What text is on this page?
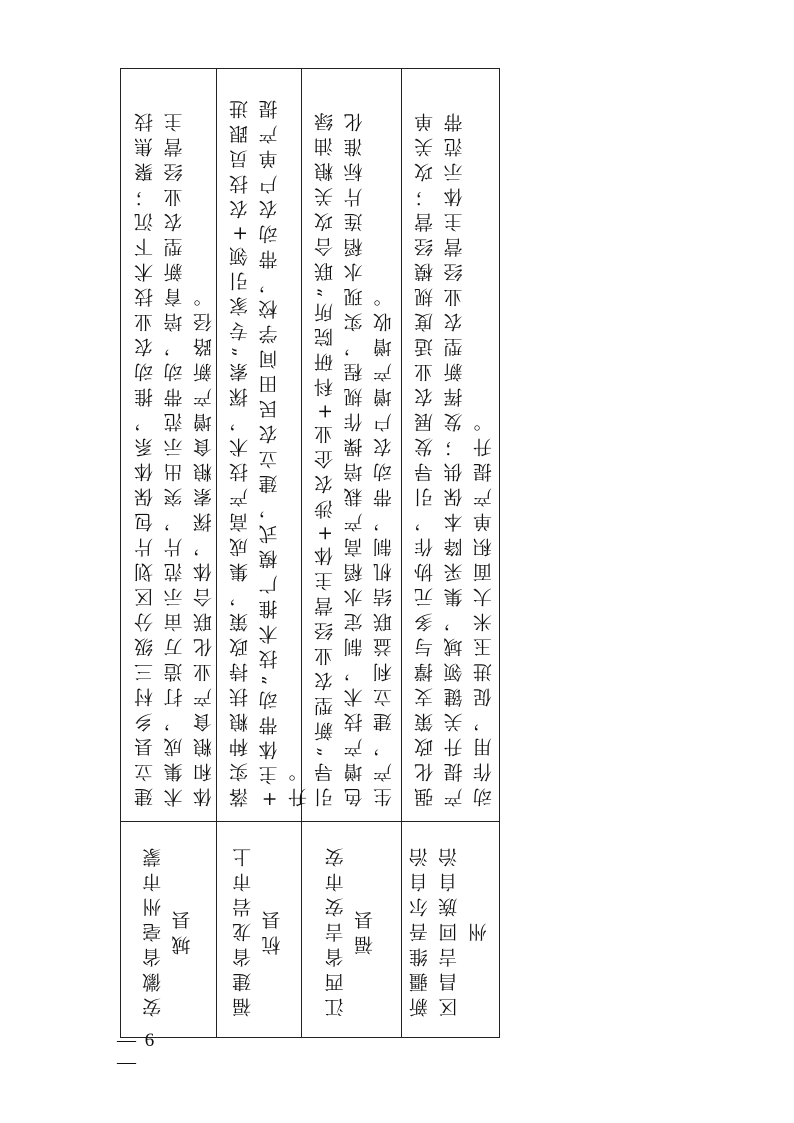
建立县乡村三级分区划片包保体系，推动农业技术下沉；聚焦技术集成，打造万亩示范片，突出示范带动，培育新型农业经营主体和粮食产业化联合体，探索粮食增产新路径。
安徽省亳州市蒙城县
落实种粮扶持政策，集成高产技术，探索“专家引领+农技员跟进+主体带动”技术推广模式，建立农民田间学校，带动农户单产提升。
福建省龙岩市上杭县
引导“新型农业经营主体+涉农企业+科研院所”联合攻关粮油绿色增产技术，制定水稻高产栽培操作规程，实现水稻连片标准化生产，建立利益联结机制，带动农户增产增收。
江西省吉安市安福县
强化政策支撑与多元协作，引导发展农业适度规模经营；攻关单产提升关键领域，集采降本保供；发挥新型农业经营主体示范带动作用，促进玉米大面积单产提升。
新疆维吾尔自治区昌吉回族自治州
— 6 —
